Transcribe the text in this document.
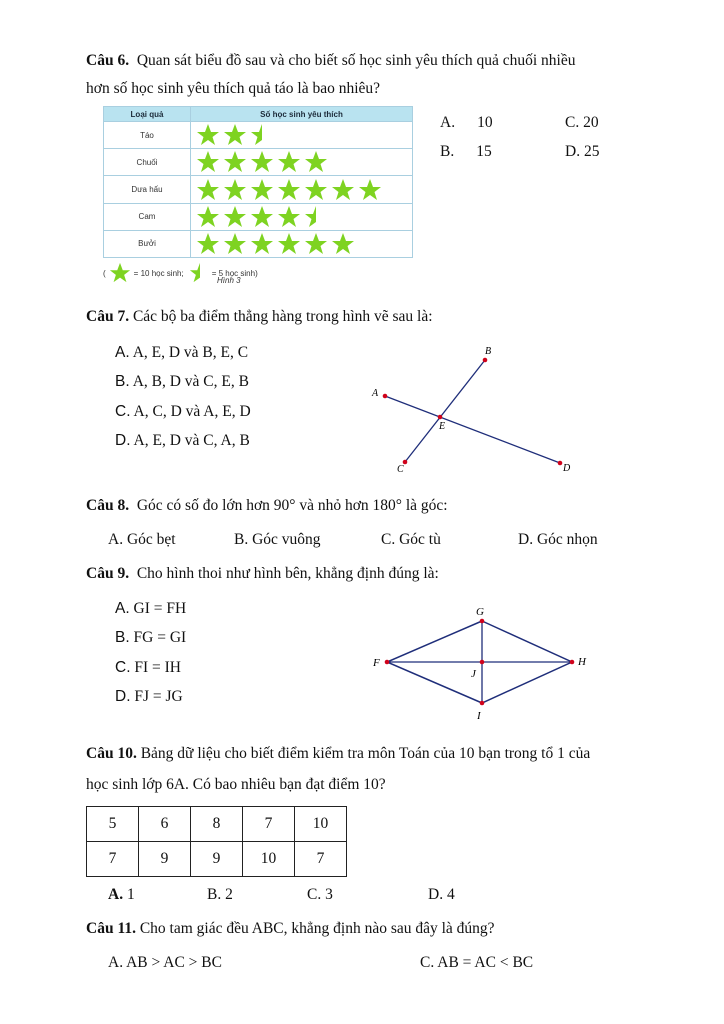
Câu 6. Quan sát biểu đồ sau và cho biết số học sinh yêu thích quả chuối nhiều
hơn số học sinh yêu thích quả táo là bao nhiêu?
Loại quả	Số học sinh yêu thích
Táo	
Chuối	
Dưa hấu	
Cam	
Bưởi	
(	= 10 học sinh;	= 5 học sinh)
Hình 3
A. 10	C. 20
B. 15	D. 25
Câu 7. Các bộ ba điểm thẳng hàng trong hình vẽ sau là:
A. A, E, D và B, E, C
B. A, B, D và C, E, B
C. A, C, D và A, E, D
D. A, E, D và C, A, B
A
B
C	D
E
Câu 8. Góc có số đo lớn hơn 90° và nhỏ hơn 180° là góc:
A. Góc bẹt	B. Góc vuông	C. Góc tù	D. Góc nhọn
Câu 9. Cho hình thoi như hình bên, khẳng định đúng là:
A. GI = FH
B. FG = GI
C. FI = IH
D. FJ = JG
G
H
I
F
J
Câu 10. Bảng dữ liệu cho biết điểm kiểm tra môn Toán của 10 bạn trong tổ 1 của
học sinh lớp 6A. Có bao nhiêu bạn đạt điểm 10?
5	6	8	7	10
7	9	9	10	7
A. 1	B. 2	C. 3	D. 4
Câu 11. Cho tam giác đều ABC, khẳng định nào sau đây là đúng?
A. AB > AC > BC	C. AB = AC < BC
